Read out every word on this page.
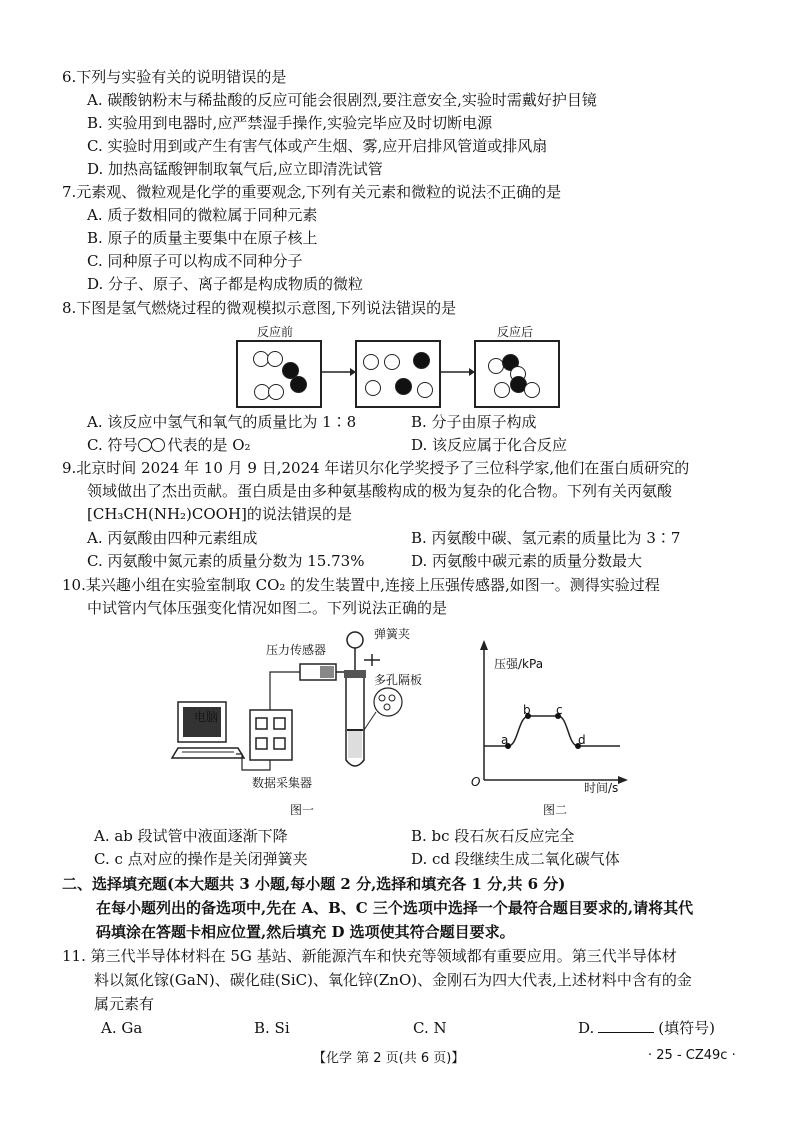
6.下列与实验有关的说明错误的是
A. 碳酸钠粉末与稀盐酸的反应可能会很剧烈,要注意安全,实验时需戴好护目镜
B. 实验用到电器时,应严禁湿手操作,实验完毕应及时切断电源
C. 实验时用到或产生有害气体或产生烟、雾,应开启排风管道或排风扇
D. 加热高锰酸钾制取氧气后,应立即清洗试管
7.元素观、微粒观是化学的重要观念,下列有关元素和微粒的说法不正确 · · ·的是
A. 质子数相同的微粒属于同种元素
B. 原子的质量主要集中在原子核上
C. 同种原子可以构成不同种分子
D. 分子、原子、离子都是构成物质的微粒
8.下图是氢气燃烧过程的微观模拟示意图,下列说法错误 · ·的是
反应前	反应后
A. 该反应中氢气和氧气的质量比为 1∶8	B. 分子由原子构成
C. 符号 代表的是 O₂	D. 该反应属于化合反应
9.北京时间 2024 年 10 月 9 日,2024 年诺贝尔化学奖授予了三位科学家,他们在蛋白质研究的
领域做出了杰出贡献。蛋白质是由多种氨基酸构成的极为复杂的化合物。下列有关丙氨酸
[CH₃CH(NH₂)COOH]的说法错误 · ·的是
A. 丙氨酸由四种元素组成	B. 丙氨酸中碳、氢元素的质量比为 3∶7
C. 丙氨酸中氮元素的质量分数为 15.73%	D. 丙氨酸中碳元素的质量分数最大
10.某兴趣小组在实验室制取 CO₂ 的发生装置中,连接上压强传感器,如图一。测得实验过程
中试管内气体压强变化情况如图二。下列说法正确的是
压力传感器
弹簧夹
多孔隔板
电脑
数据采集器
图一
压强/kPa
时间/s
O
a
b c
d
图二
A. ab 段试管中液面逐渐下降	B. bc 段石灰石反应完全
C. c 点对应的操作是关闭弹簧夹	D. cd 段继续生成二氧化碳气体
二、选择填充题(本大题共 3 小题,每小题 2 分,选择和填充各 1 分,共 6 分)
在每小题列出的备选项中,先在 A、B、C 三个选项中选择一个最符合题目要求的,请将其代
码填涂在答题卡相应位置,然后填充 D 选项使其符合题目要求。
11. 第三代半导体材料在 5G 基站、新能源汽车和快充等领域都有重要应用。第三代半导体材
料以氮化镓(GaN)、碳化硅(SiC)、氧化锌(ZnO)、金刚石为四大代表,上述材料中含有的金
属元素有
A. Ga	B. Si	C. N	D.	(填符号)
【化学 第 2 页(共 6 页)】	· 25 - CZ49c ·
